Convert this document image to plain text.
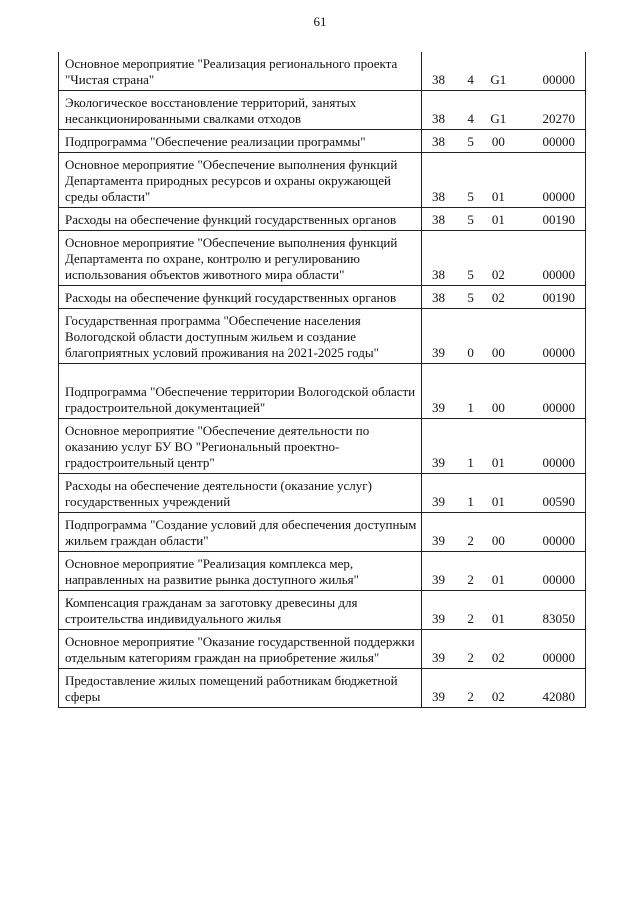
61
Основное мероприятие "Реализация регионального проекта "Чистая страна"	38 4 G1 00000

Экологическое восстановление территорий, занятых несанкционированными свалками отходов	38 4 G1 20270

Подпрограмма "Обеспечение реализации программы"	38 5 00 00000

Основное мероприятие "Обеспечение выполнения функций Департамента природных ресурсов и охраны окружающей среды области"	38 5 01 00000

Расходы на обеспечение функций государственных органов	38 5 01 00190

Основное мероприятие "Обеспечение выполнения функций Департамента по охране, контролю и регулированию использования объектов животного мира области"	38 5 02 00000

Расходы на обеспечение функций государственных органов	38 5 02 00190

Государственная программа "Обеспечение населения Вологодской области доступным жильем и создание благоприятных условий проживания на 2021-2025 годы"	39 0 00 00000

Подпрограмма "Обеспечение территории Вологодской области градостроительной документацией"	39 1 00 00000

Основное мероприятие "Обеспечение деятельности по оказанию услуг БУ ВО "Региональный проектно-градостроительный центр"	39 1 01 00000

Расходы на обеспечение деятельности (оказание услуг) государственных учреждений	39 1 01 00590

Подпрограмма "Создание условий для обеспечения доступным жильем граждан области"	39 2 00 00000

Основное мероприятие "Реализация комплекса мер, направленных на развитие рынка доступного жилья"	39 2 01 00000

Компенсация гражданам за заготовку древесины для строительства индивидуального жилья	39 2 01 83050

Основное мероприятие "Оказание государственной поддержки отдельным категориям граждан на приобретение жилья"	39 2 02 00000

Предоставление жилых помещений работникам бюджетной сферы	39 2 02 42080
